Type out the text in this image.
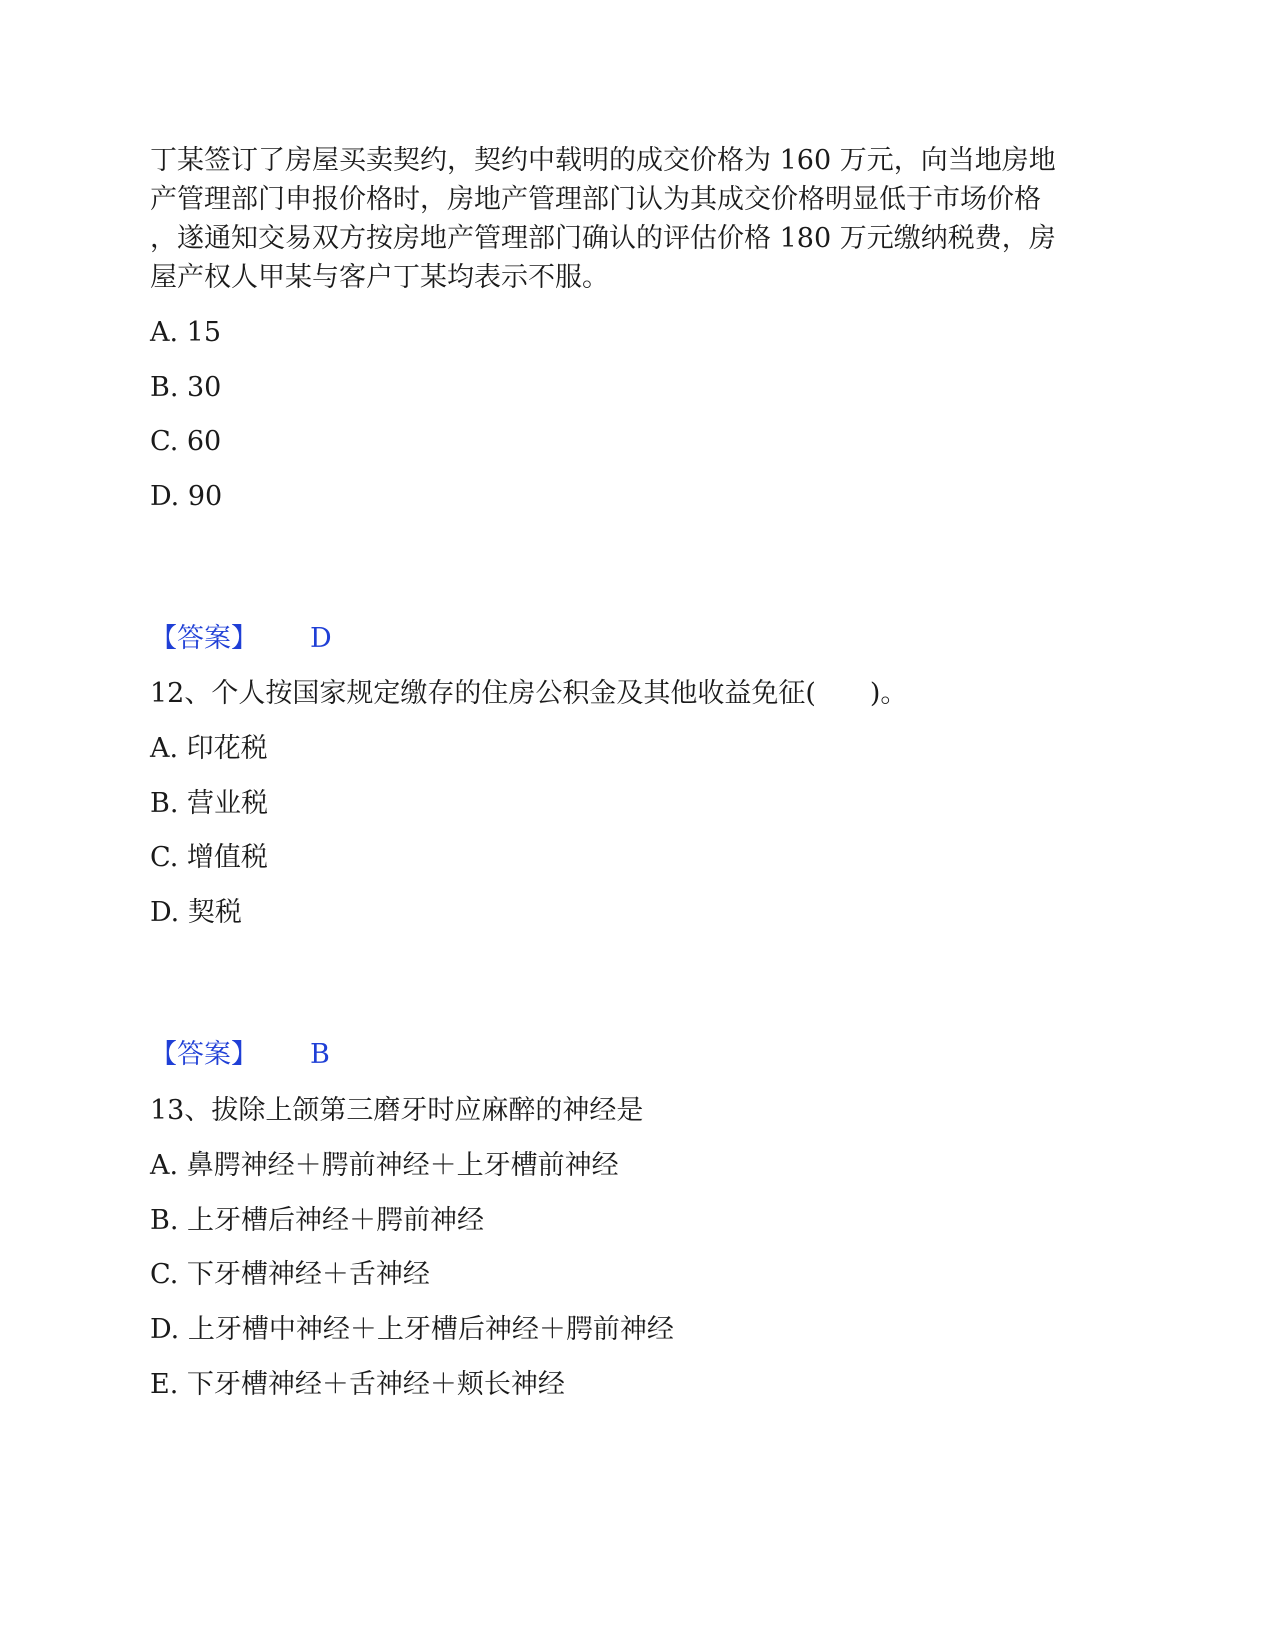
丁某签订了房屋买卖契约，契约中载明的成交价格为 160 万元，向当地房地
产管理部门申报价格时，房地产管理部门认为其成交价格明显低于市场价格
，遂通知交易双方按房地产管理部门确认的评估价格 180 万元缴纳税费，房
屋产权人甲某与客户丁某均表示不服。
A. 15
B. 30
C. 60
D. 90
【答案】 D
12、个人按国家规定缴存的住房公积金及其他收益免征(　　)。
A. 印花税
B. 营业税
C. 增值税
D. 契税
【答案】 B
13、拔除上颌第三磨牙时应麻醉的神经是
A. 鼻腭神经＋腭前神经＋上牙槽前神经
B. 上牙槽后神经＋腭前神经
C. 下牙槽神经＋舌神经
D. 上牙槽中神经＋上牙槽后神经＋腭前神经
E. 下牙槽神经＋舌神经＋颊长神经
